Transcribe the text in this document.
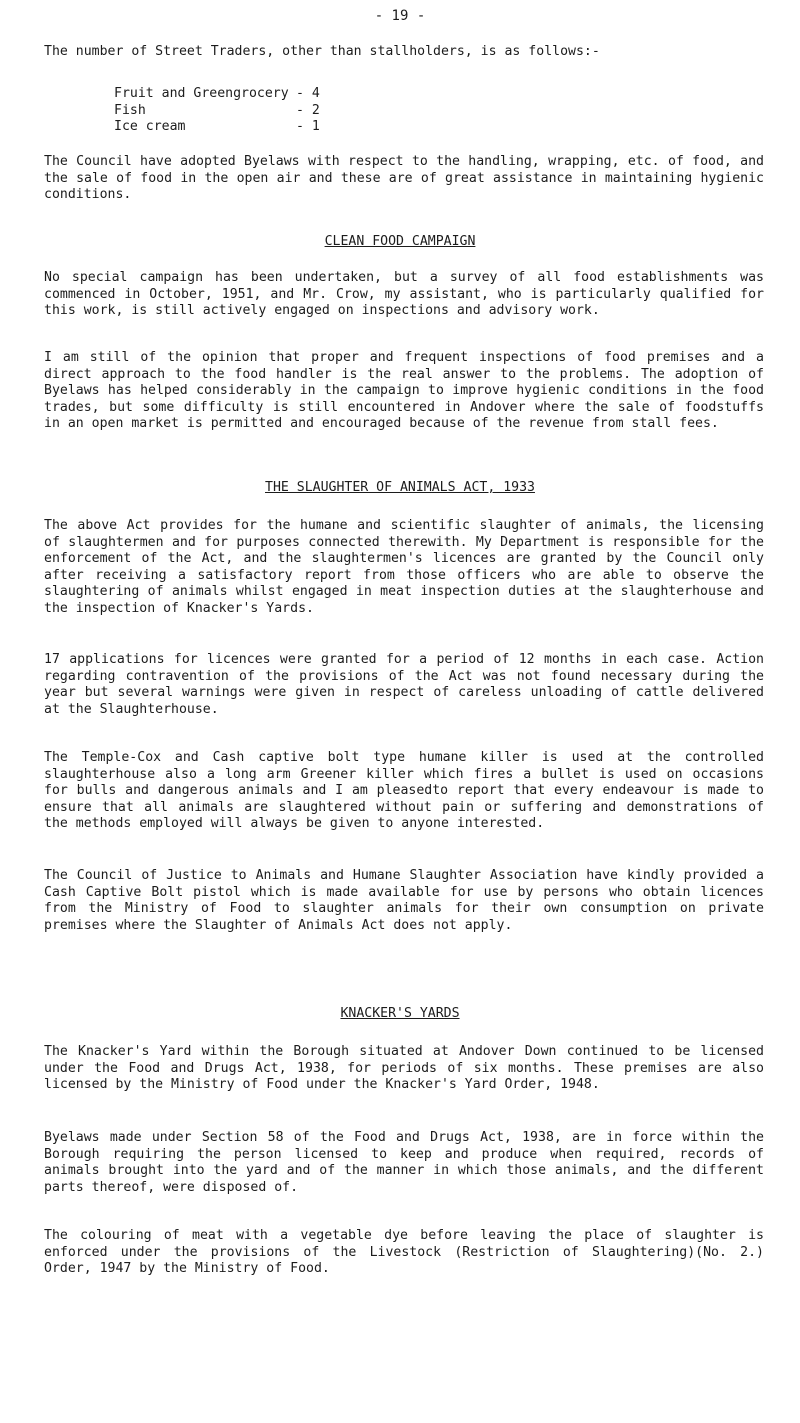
- 19 -

The number of Street Traders, other than stallholders, is as follows:-

Fruit and Greengrocery - 4
Fish	- 2
Ice cream	- 1

The Council have adopted Byelaws with respect to the handling, wrapping, etc. of food, and the sale of food in the open air and these are of great assistance in maintaining hygienic conditions.

CLEAN FOOD CAMPAIGN

No special campaign has been undertaken, but a survey of all food establishments was commenced in October, 1951, and Mr. Crow, my assistant, who is particularly qualified for this work, is still actively engaged on inspections and advisory work.

I am still of the opinion that proper and frequent inspections of food premises and a direct approach to the food handler is the real answer to the problems. The adoption of Byelaws has helped considerably in the campaign to improve hygienic conditions in the food trades, but some difficulty is still encountered in Andover where the sale of foodstuffs in an open market is permitted and encouraged because of the revenue from stall fees.

THE SLAUGHTER OF ANIMALS ACT, 1933

The above Act provides for the humane and scientific slaughter of animals, the licensing of slaughtermen and for purposes connected therewith. My Department is responsible for the enforcement of the Act, and the slaughtermen's licences are granted by the Council only after receiving a satisfactory report from those officers who are able to observe the slaughtering of animals whilst engaged in meat inspection duties at the slaughterhouse and the inspection of Knacker's Yards.

17 applications for licences were granted for a period of 12 months in each case. Action regarding contravention of the provisions of the Act was not found necessary during the year but several warnings were given in respect of careless unloading of cattle delivered at the Slaughterhouse.

The Temple-Cox and Cash captive bolt type humane killer is used at the controlled slaughterhouse also a long arm Greener killer which fires a bullet is used on occasions for bulls and dangerous animals and I am pleasedto report that every endeavour is made to ensure that all animals are slaughtered without pain or suffering and demonstrations of the methods employed will always be given to anyone interested.

The Council of Justice to Animals and Humane Slaughter Association have kindly provided a Cash Captive Bolt pistol which is made available for use by persons who obtain licences from the Ministry of Food to slaughter animals for their own consumption on private premises where the Slaughter of Animals Act does not apply.

KNACKER'S YARDS

The Knacker's Yard within the Borough situated at Andover Down continued to be licensed under the Food and Drugs Act, 1938, for periods of six months. These premises are also licensed by the Ministry of Food under the Knacker's Yard Order, 1948.

Byelaws made under Section 58 of the Food and Drugs Act, 1938, are in force within the Borough requiring the person licensed to keep and produce when required, records of animals brought into the yard and of the manner in which those animals, and the different parts thereof, were disposed of.

The colouring of meat with a vegetable dye before leaving the place of slaughter is enforced under the provisions of the Livestock (Restriction of Slaughtering)(No. 2.) Order, 1947 by the Ministry of Food.
